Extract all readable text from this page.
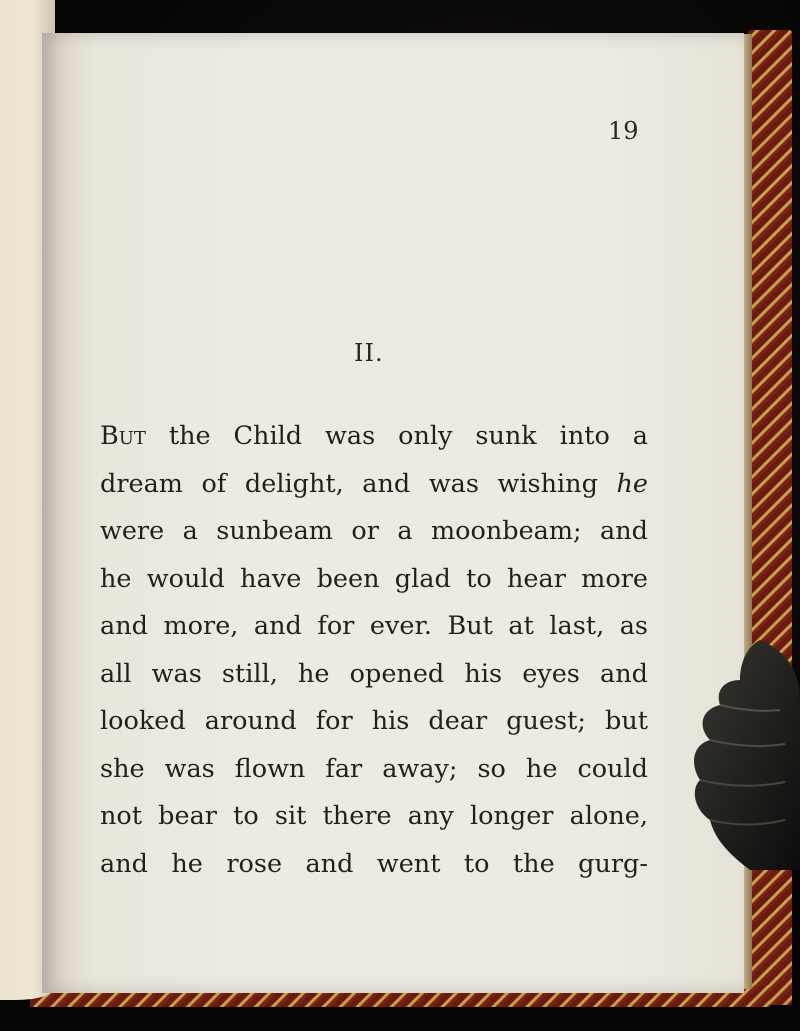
19
II.
But the Child was only sunk into a
dream of delight, and was wishing he
were a sunbeam or a moonbeam; and
he would have been glad to hear more
and more, and for ever. But at last, as
all was still, he opened his eyes and
looked around for his dear guest; but
she was flown far away; so he could
not bear to sit there any longer alone,
and he rose and went to the gurg-
